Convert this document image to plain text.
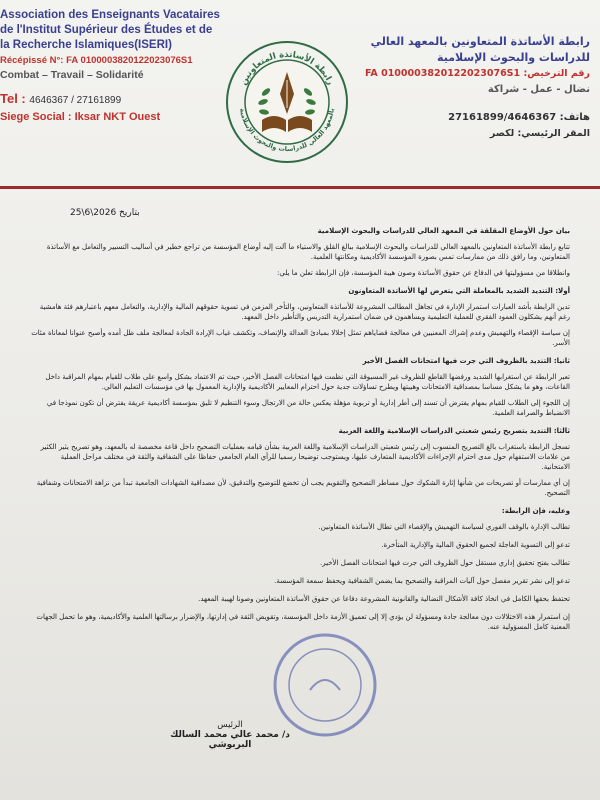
Association des Enseignants Vacataires
de l'Institut Supérieur des Études et de
la Recherche Islamiques(ISERI)
Récépissé N°: FA 0100003820122023076S1
Combat – Travail – Solidarité
Tel : 4646367 / 27161899
Siege Social : Iksar NKT Ouest
رابطة الأساتذة المتعاونين
بالمعهد العالي للدراسات والبحوث الإسلامية
رابطة الأساتذة المتعاونين بالمعهد العالي
للدراسات والبحوث الإسلامية
رقم الترخيص: FA 0100003820122023076S1
نضال - عمل - شراكة
هاتف: 27161899/4646367
المقر الرئيسي: لكصر
بتاريخ 2026\6\25

بيان حول الأوضاع المقلقة في المعهد العالي للدراسات والبحوث الإسلامية

تتابع رابطة الأساتذة المتعاونين بالمعهد العالي للدراسات والبحوث الإسلامية ببالغ القلق والاستياء ما آلت إليه أوضاع المؤسسة من تراجع خطير في أساليب التسيير والتعامل مع الأساتذة المتعاونين، وما رافق ذلك من ممارسات تمس بصورة المؤسسة الأكاديمية ومكانتها العلمية.

وانطلاقا من مسؤوليتها في الدفاع عن حقوق الأساتذة وصون هيبة المؤسسة، فإن الرابطة تعلن ما يلي:

أولا: التنديد الشديد بالمعاملة التي يتعرض لها الأساتذة المتعاونون

تدين الرابطة بأشد العبارات استمرار الإدارة في تجاهل المطالب المشروعة للأساتذة المتعاونين، والتأخر المزمن في تسوية حقوقهم المالية والإدارية، والتعامل معهم باعتبارهم فئة هامشية رغم أنهم يشكلون العمود الفقري للعملية التعليمية ويساهمون في ضمان استمرارية التدريس والتأطير داخل المعهد.

إن سياسة الإقصاء والتهميش وعدم إشراك المعنيين في معالجة قضاياهم تمثل إخلالا بمبادئ العدالة والإنصاف، وتكشف غياب الإرادة الجادة لمعالجة ملف ظل أمده وأصبح عنوانا لمعاناة مئات الأسر.

ثانيا: التنديد بالظروف التي جرت فيها امتحانات الفصل الأخير

تعبر الرابطة عن استغرابها الشديد ورفضها القاطع للظروف غير المسبوقة التي نظمت فيها امتحانات الفصل الأخير، حيث تم الاعتماد بشكل واسع على طلاب للقيام بمهام المراقبة داخل القاعات، وهو ما يشكل مساسا بمصداقية الامتحانات وهيبتها ويطرح تساؤلات جدية حول احترام المعايير الأكاديمية والإدارية المعمول بها في مؤسسات التعليم العالي.

إن اللجوء إلى الطلاب للقيام بمهام يفترض أن تسند إلى أطر إدارية أو تربوية مؤهلة يعكس حالة من الارتجال وسوء التنظيم لا تليق بمؤسسة أكاديمية عريقة يفترض أن تكون نموذجا في الانضباط والصرامة العلمية.

ثالثا: التنديد بتصريح رئيس شعبتي الدراسات الإسلامية واللغة العربية

تسجل الرابطة باستغراب بالغ التصريح المنسوب إلى رئيس شعبتي الدراسات الإسلامية واللغة العربية بشأن قيامه بعمليات التصحيح داخل قاعة مخصصة له بالمعهد، وهو تصريح يثير الكثير من علامات الاستفهام حول مدى احترام الإجراءات الأكاديمية المتعارف عليها، ويستوجب توضيحا رسميا للرأي العام الجامعي حفاظا على الشفافية والثقة في مختلف مراحل العملية الامتحانية.

إن أي ممارسات أو تصريحات من شأنها إثارة الشكوك حول مساطر التصحيح والتقويم يجب أن تخضع للتوضيح والتدقيق، لأن مصداقية الشهادات الجامعية تبدأ من نزاهة الامتحانات وشفافية التصحيح.

وعليه، فإن الرابطة:

تطالب الإدارة بالوقف الفوري لسياسة التهميش والإقصاء التي تطال الأساتذة المتعاونين.

تدعو إلى التسوية العاجلة لجميع الحقوق المالية والإدارية المتأخرة.

تطالب بفتح تحقيق إداري مستقل حول الظروف التي جرت فيها امتحانات الفصل الأخير.

تدعو إلى نشر تقرير مفصل حول آليات المراقبة والتصحيح بما يضمن الشفافية ويحفظ سمعة المؤسسة.

تحتفظ بحقها الكامل في اتخاذ كافة الأشكال النضالية والقانونية المشروعة دفاعا عن حقوق الأساتذة المتعاونين وصونا لهيبة المعهد.

إن استمرار هذه الاختلالات دون معالجة جادة ومسؤولة لن يؤدي إلا إلى تعميق الأزمة داخل المؤسسة، وتقويض الثقة في إدارتها، والإضرار برسالتها العلمية والأكاديمية، وهو ما تحمل الجهات المعنية كامل المسؤولية عنه.

الرئيس
د/ محمد عالي محمد السالك البربوشي
